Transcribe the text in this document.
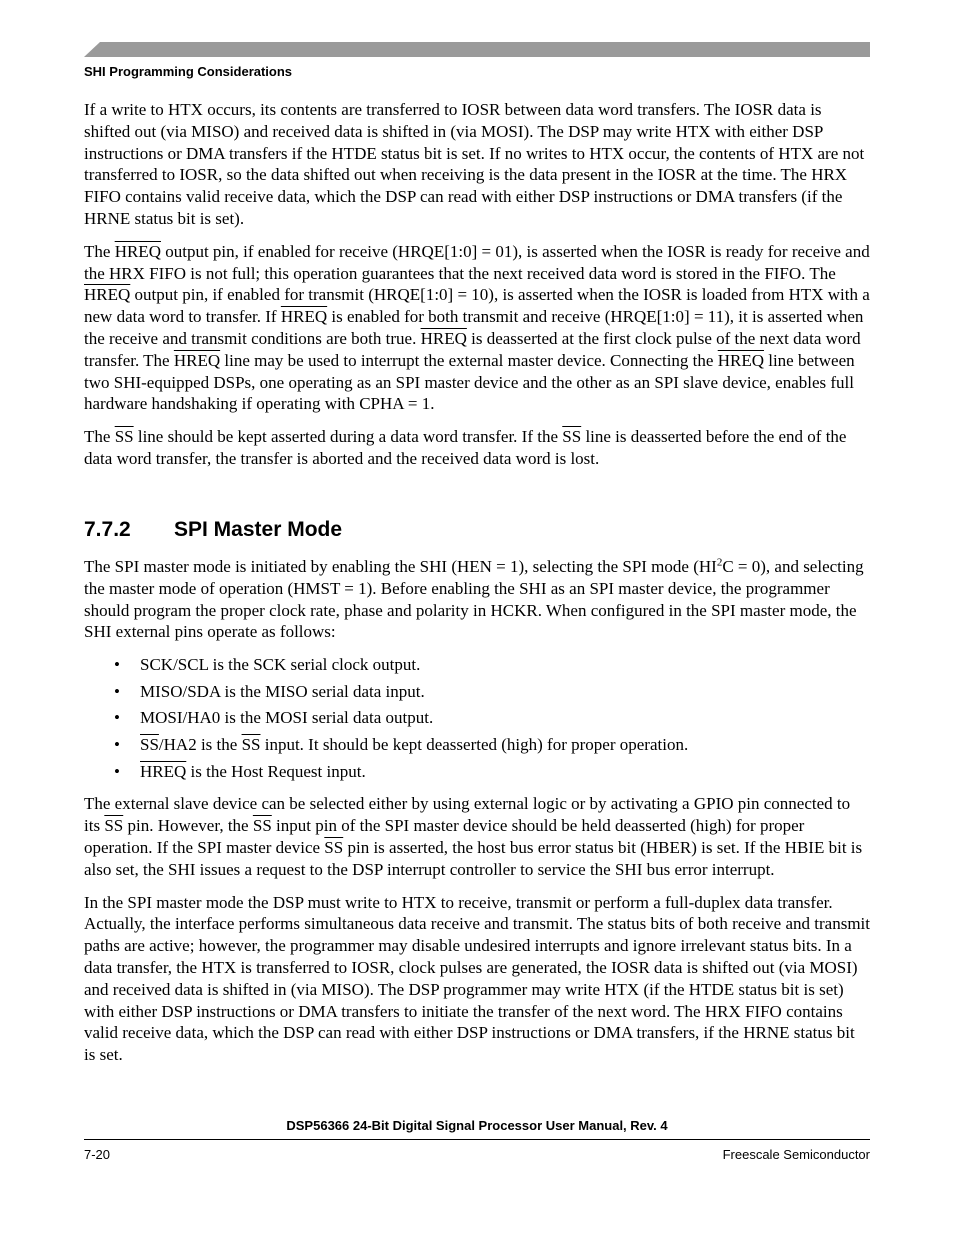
SHI Programming Considerations

If a write to HTX occurs, its contents are transferred to IOSR between data word transfers. The IOSR data is shifted out (via MISO) and received data is shifted in (via MOSI). The DSP may write HTX with either DSP instructions or DMA transfers if the HTDE status bit is set. If no writes to HTX occur, the contents of HTX are not transferred to IOSR, so the data shifted out when receiving is the data present in the IOSR at the time. The HRX FIFO contains valid receive data, which the DSP can read with either DSP instructions or DMA transfers (if the HRNE status bit is set).

The HREQ output pin, if enabled for receive (HRQE[1:0] = 01), is asserted when the IOSR is ready for receive and the HRX FIFO is not full; this operation guarantees that the next received data word is stored in the FIFO. The HREQ output pin, if enabled for transmit (HRQE[1:0] = 10), is asserted when the IOSR is loaded from HTX with a new data word to transfer. If HREQ is enabled for both transmit and receive (HRQE[1:0] = 11), it is asserted when the receive and transmit conditions are both true. HREQ is deasserted at the first clock pulse of the next data word transfer. The HREQ line may be used to interrupt the external master device. Connecting the HREQ line between two SHI-equipped DSPs, one operating as an SPI master device and the other as an SPI slave device, enables full hardware handshaking if operating with CPHA = 1.

The $\overline{SS}$ line should be kept asserted during a data word transfer. If the $\overline{SS}$ line is deasserted before the end of the data word transfer, the transfer is aborted and the received data word is lost.

7.7.2 SPI Master Mode

The SPI master mode is initiated by enabling the SHI (HEN = 1), selecting the SPI mode $(HI^2C = 0)$, and selecting the master mode of operation (HMST = 1). Before enabling the SHI as an SPI master device, the programmer should program the proper clock rate, phase and polarity in HCKR. When configured in the SPI master mode, the SHI external pins operate as follows:

• SCK/SCL is the SCK serial clock output.
• MISO/SDA is the MISO serial data input.
• MOSI/HA0 is the MOSI serial data output.
• $\overline{SS}/HA2$ is the $\overline{SS}$ input. It should be kept deasserted (high) for proper operation.
• HREQ is the Host Request input.

The external slave device can be selected either by using external logic or by activating a GPIO pin connected to its $\overline{SS}$ pin. However, the $\overline{SS}$ input pin of the SPI master device should be held deasserted (high) for proper operation. If the SPI master device $\overline{SS}$ pin is asserted, the host bus error status bit (HBER) is set. If the HBIE bit is also set, the SHI issues a request to the DSP interrupt controller to service the SHI bus error interrupt.

In the SPI master mode the DSP must write to HTX to receive, transmit or perform a full-duplex data transfer. Actually, the interface performs simultaneous data receive and transmit. The status bits of both receive and transmit paths are active; however, the programmer may disable undesired interrupts and ignore irrelevant status bits. In a data transfer, the HTX is transferred to IOSR, clock pulses are generated, the IOSR data is shifted out (via MOSI) and received data is shifted in (via MISO). The DSP programmer may write HTX (if the HTDE status bit is set) with either DSP instructions or DMA transfers to initiate the transfer of the next word. The HRX FIFO contains valid receive data, which the DSP can read with either DSP instructions or DMA transfers, if the HRNE status bit is set.

DSP56366 24-Bit Digital Signal Processor User Manual, Rev. 4
7-20	Freescale Semiconductor
